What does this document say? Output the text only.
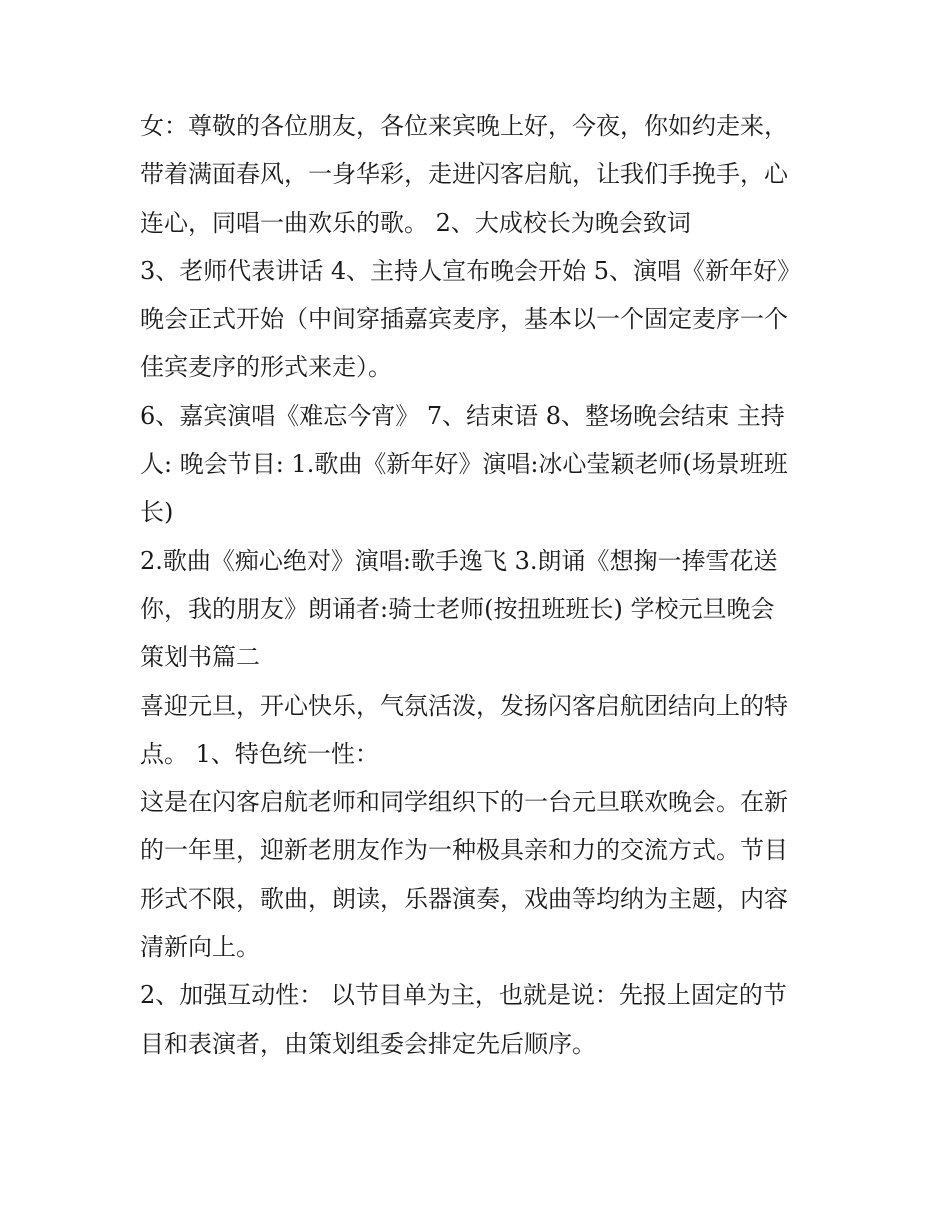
女：尊敬的各位朋友，各位来宾晚上好，今夜，你如约走来，
带着满面春风，一身华彩，走进闪客启航，让我们手挽手，心
连心，同唱一曲欢乐的歌。 2、大成校长为晚会致词
3、老师代表讲话 4、主持人宣布晚会开始 5、演唱《新年好》
晚会正式开始（中间穿插嘉宾麦序，基本以一个固定麦序一个
佳宾麦序的形式来走）。
6、嘉宾演唱《难忘今宵》 7、结束语 8、整场晚会结束 主持
人: 晚会节目: 1.歌曲《新年好》演唱:冰心莹颖老师(场景班班
长)
2.歌曲《痴心绝对》演唱:歌手逸飞 3.朗诵《想掬一捧雪花送
你，我的朋友》朗诵者:骑士老师(按扭班班长) 学校元旦晚会
策划书篇二
喜迎元旦，开心快乐，气氛活泼，发扬闪客启航团结向上的特
点。 1、特色统一性：
这是在闪客启航老师和同学组织下的一台元旦联欢晚会。在新
的一年里，迎新老朋友作为一种极具亲和力的交流方式。节目
形式不限，歌曲，朗读，乐器演奏，戏曲等均纳为主题，内容
清新向上。
2、加强互动性： 以节目单为主，也就是说：先报上固定的节
目和表演者，由策划组委会排定先后顺序。
